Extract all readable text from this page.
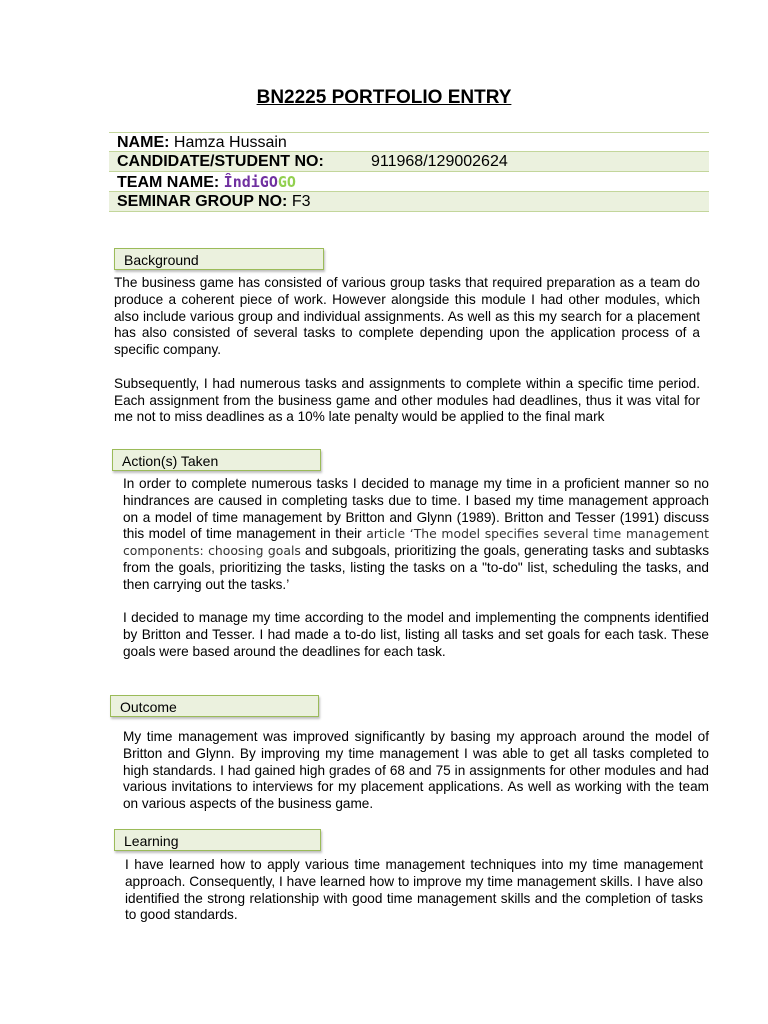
BN2225 PORTFOLIO ENTRY
NAME: Hamza Hussain
CANDIDATE/STUDENT NO:	911968/129002624
TEAM NAME: ÎndiGOGO
SEMINAR GROUP NO: F3
Background

The business game has consisted of various group tasks that required preparation as a team do produce a coherent piece of work. However alongside this module I had other modules, which also include various group and individual assignments. As well as this my search for a placement has also consisted of several tasks to complete depending upon the application process of a specific company.

Subsequently, I had numerous tasks and assignments to complete within a specific time period. Each assignment from the business game and other modules had deadlines, thus it was vital for me not to miss deadlines as a 10% late penalty would be applied to the final mark

Action(s) Taken

In order to complete numerous tasks I decided to manage my time in a proficient manner so no hindrances are caused in completing tasks due to time. I based my time management approach on a model of time management by Britton and Glynn (1989). Britton and Tesser (1991) discuss this model of time management in their article ‘The model specifies several time management components: choosing goals and subgoals, prioritizing the goals, generating tasks and subtasks from the goals, prioritizing the tasks, listing the tasks on a "to-do" list, scheduling the tasks, and then carrying out the tasks.’

I decided to manage my time according to the model and implementing the compnents identified by Britton and Tesser. I had made a to-do list, listing all tasks and set goals for each task. These goals were based around the deadlines for each task.

Outcome

My time management was improved significantly by basing my approach around the model of Britton and Glynn. By improving my time management I was able to get all tasks completed to high standards. I had gained high grades of 68 and 75 in assignments for other modules and had various invitations to interviews for my placement applications. As well as working with the team on various aspects of the business game.

Learning

I have learned how to apply various time management techniques into my time management approach. Consequently, I have learned how to improve my time management skills. I have also identified the strong relationship with good time management skills and the completion of tasks to good standards.
